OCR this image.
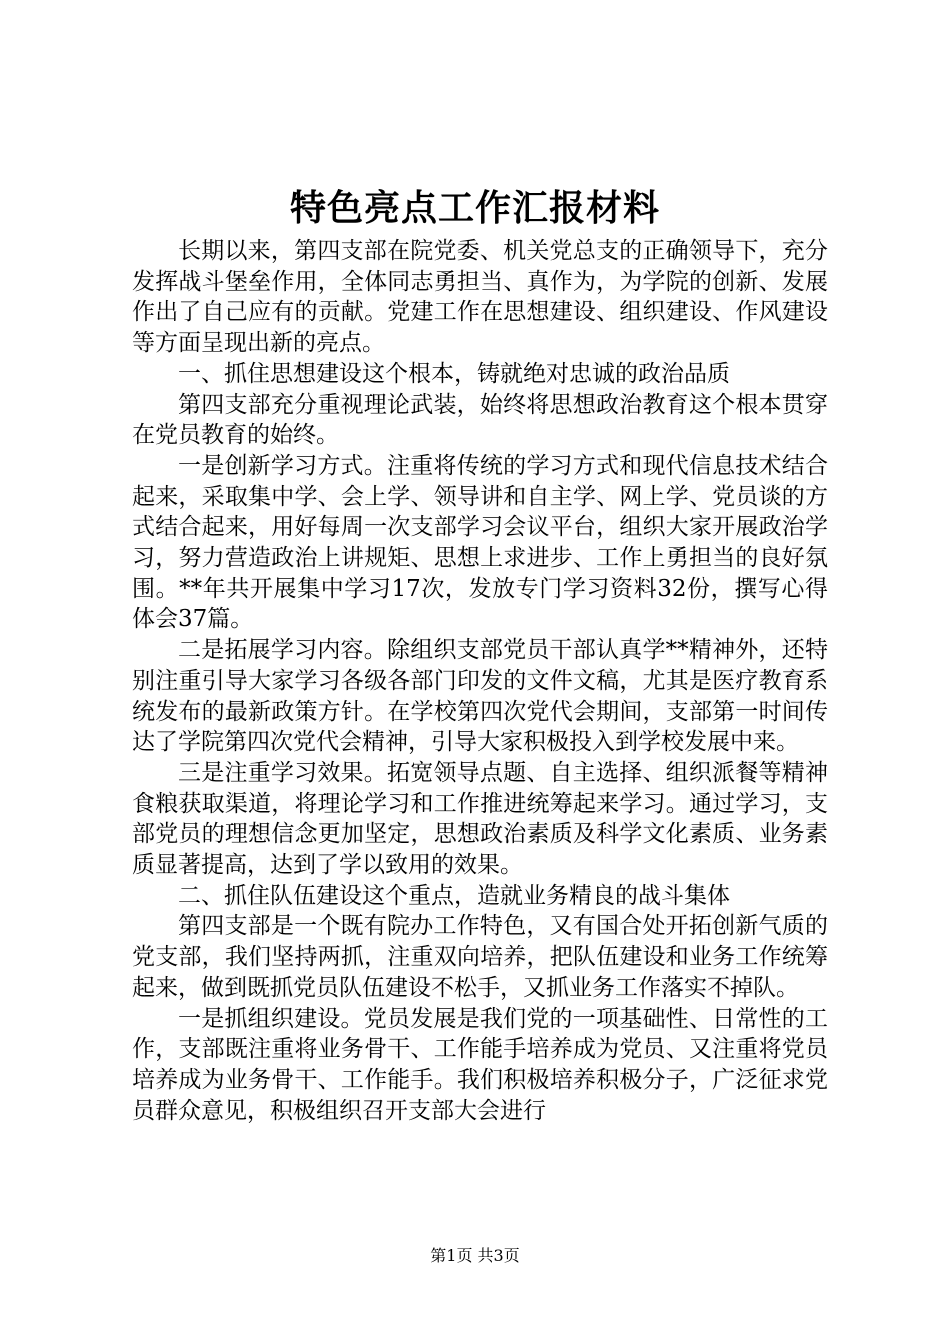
特色亮点工作汇报材料

长期以来，第四支部在院党委、机关党总支的正确领导下，充分发挥战斗堡垒作用，全体同志勇担当、真作为，为学院的创新、发展作出了自己应有的贡献。党建工作在思想建设、组织建设、作风建设等方面呈现出新的亮点。

一、抓住思想建设这个根本，铸就绝对忠诚的政治品质

第四支部充分重视理论武装，始终将思想政治教育这个根本贯穿在党员教育的始终。

一是创新学习方式。注重将传统的学习方式和现代信息技术结合起来，采取集中学、会上学、领导讲和自主学、网上学、党员谈的方式结合起来，用好每周一次支部学习会议平台，组织大家开展政治学习，努力营造政治上讲规矩、思想上求进步、工作上勇担当的良好氛围。**年共开展集中学习17次，发放专门学习资料32份，撰写心得体会37篇。

二是拓展学习内容。除组织支部党员干部认真学**精神外，还特别注重引导大家学习各级各部门印发的文件文稿，尤其是医疗教育系统发布的最新政策方针。在学校第四次党代会期间，支部第一时间传达了学院第四次党代会精神，引导大家积极投入到学校发展中来。

三是注重学习效果。拓宽领导点题、自主选择、组织派餐等精神食粮获取渠道，将理论学习和工作推进统筹起来学习。通过学习，支部党员的理想信念更加坚定，思想政治素质及科学文化素质、业务素质显著提高，达到了学以致用的效果。

二、抓住队伍建设这个重点，造就业务精良的战斗集体

第四支部是一个既有院办工作特色，又有国合处开拓创新气质的党支部，我们坚持两抓，注重双向培养，把队伍建设和业务工作统筹起来，做到既抓党员队伍建设不松手，又抓业务工作落实不掉队。

一是抓组织建设。党员发展是我们党的一项基础性、日常性的工作，支部既注重将业务骨干、工作能手培养成为党员、又注重将党员培养成为业务骨干、工作能手。我们积极培养积极分子，广泛征求党员群众意见，积极组织召开支部大会进行

第1页 共3页
